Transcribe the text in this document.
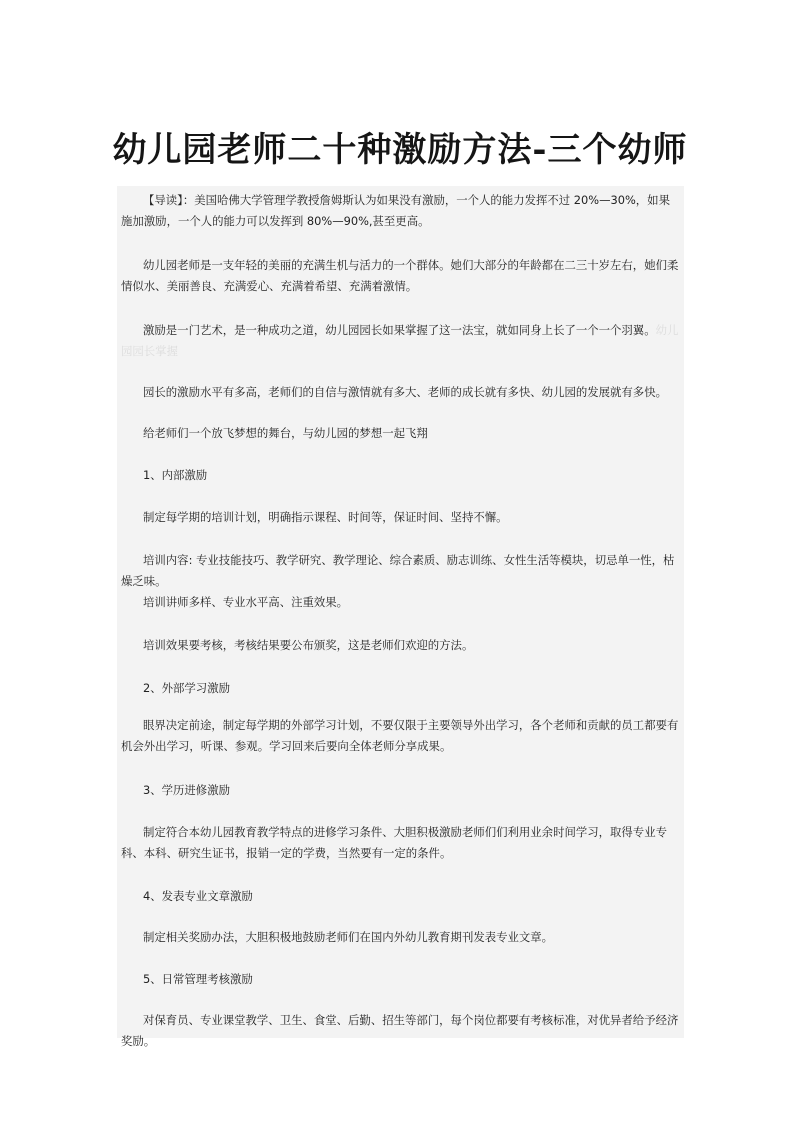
幼儿园老师二十种激励方法-三个幼师

【导读】：美国哈佛大学管理学教授詹姆斯认为如果没有激励，一个人的能力发挥不过 20%—30%，如果施加激励，一个人的能力可以发挥到 80%—90%,甚至更高。

幼儿园老师是一支年轻的美丽的充满生机与活力的一个群体。她们大部分的年龄都在二三十岁左右，她们柔情似水、美丽善良、充满爱心、充满着希望、充满着激情。

激励是一门艺术，是一种成功之道，幼儿园园长如果掌握了这一法宝，就如同身上长了一个一个羽翼。幼儿园园长掌握

园长的激励水平有多高，老师们的自信与激情就有多大、老师的成长就有多快、幼儿园的发展就有多快。

给老师们一个放飞梦想的舞台，与幼儿园的梦想一起飞翔

1、内部激励

制定每学期的培训计划，明确指示课程、时间等，保证时间、坚持不懈。

培训内容: 专业技能技巧、教学研究、教学理论、综合素质、励志训练、女性生活等模块，切忌单一性，枯燥乏味。

培训讲师多样、专业水平高、注重效果。

培训效果要考核，考核结果要公布颁奖，这是老师们欢迎的方法。

2、外部学习激励

眼界决定前途，制定每学期的外部学习计划，不要仅限于主要领导外出学习，各个老师和贡献的员工都要有机会外出学习，听课、参观。学习回来后要向全体老师分享成果。

3、学历进修激励

制定符合本幼儿园教育教学特点的进修学习条件、大胆积极激励老师们们利用业余时间学习，取得专业专科、本科、研究生证书，报销一定的学费，当然要有一定的条件。

4、发表专业文章激励

制定相关奖励办法，大胆积极地鼓励老师们在国内外幼儿教育期刊发表专业文章。

5、日常管理考核激励

对保育员、专业课堂教学、卫生、食堂、后勤、招生等部门，每个岗位都要有考核标准，对优异者给予经济奖励。
